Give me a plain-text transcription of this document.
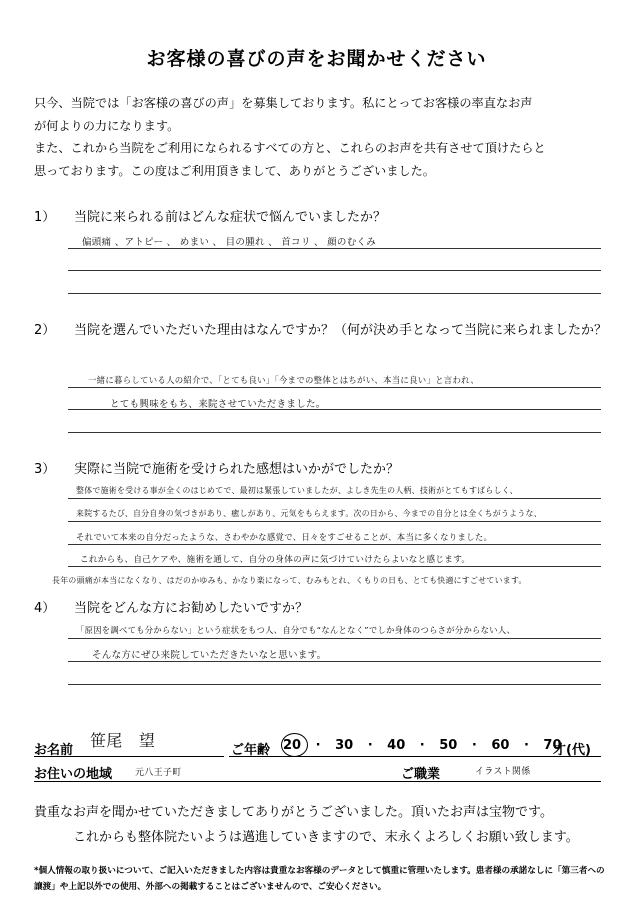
お客様の喜びの声をお聞かせください

只今、当院では「お客様の喜びの声」を募集しております。私にとってお客様の率直なお声

が何よりの力になります。

また、これから当院をご利用になられるすべての方と、これらのお声を共有させて頂けたらと

思っております。この度はご利用頂きまして、ありがとうございました。

1） 当院に来られる前はどんな症状で悩んでいましたか？
偏頭痛 、アトピー 、 めまい 、 目の腫れ 、 首コリ 、 顔のむくみ
2） 当院を選んでいただいた理由はなんですか？（何が決め手となって当院に来られましたか？
一緒に暮らしている人の紹介で、「とても良い」「今までの整体とはちがい、本当に良い」と言われ、
とても興味をもち、来院させていただきました。
3） 実際に当院で施術を受けられた感想はいかがでしたか？
整体で施術を受ける事が全くのはじめてで、最初は緊張していましたが、よしき先生の人柄、技術がとてもすばらしく、
来院するたび、自分自身の気づきがあり、癒しがあり、元気をもらえます。次の日から、今までの自分とは全くちがうような、
それでいて本来の自分だったような、さわやかな感覚で、日々をすごせることが、本当に多くなりました。
これからも、自己ケアや、施術を通して、自分の身体の声に気づけていけたらよいなと感じます。
長年の頭痛が本当になくなり、はだのかゆみも、かなり楽になって、むみもとれ、くもりの日も、とても快適にすごせています。
4） 当院をどんな方にお勧めしたいですか？
「原因を調べても分からない」という症状をもつ人、自分でも“なんとなく”でしか身体のつらさが分からない人、
そんな方にぜひ来院していただきたいなと思います。
お名前
笹尾　望
ご年齢 20 · 30 · 40 · 50 · 60 · 70
才(代)
お住いの地域	元八王子町	ご職業	イラスト関係
貴重なお声を聞かせていただきましてありがとうございました。頂いたお声は宝物です。
これからも整体院たいようは邁進していきますので、末永くよろしくお願い致します。
*個人情報の取り扱いについて、ご記入いただきました内容は貴重なお客様のデータとして慎重に管理いたします。患者様の承諾なしに「第三者への譲渡」や上記以外での使用、外部への掲載することはございませんので、ご安心ください。
